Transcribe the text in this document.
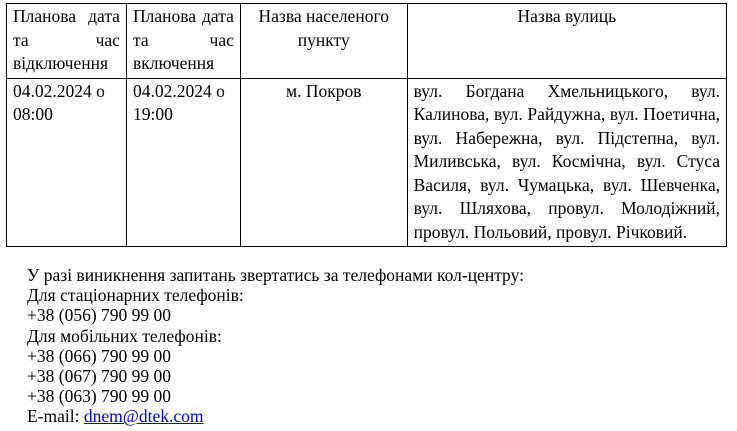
Планова дата та час відключення	Планова дата та час включення	Назва населеного пункту	Назва вулиць
04.02.2024 о 08:00	04.02.2024 о 19:00	м. Покров	вул. Богдана Хмельницького, вул. Калинова, вул. Райдужна, вул. Поетична, вул. Набережна, вул. Підстепна, вул. Миливська, вул. Космічна, вул. Стуса Василя, вул. Чумацька, вул. Шевченка, вул. Шляхова, провул. Молодіжний, провул. Польовий, провул. Річковий.
У разі виникнення запитань звертатись за телефонами кол-центру:
Для стаціонарних телефонів:
+38 (056) 790 99 00
Для мобільних телефонів:
+38 (066) 790 99 00
+38 (067) 790 99 00
+38 (063) 790 99 00
E-mail: dnem@dtek.com
